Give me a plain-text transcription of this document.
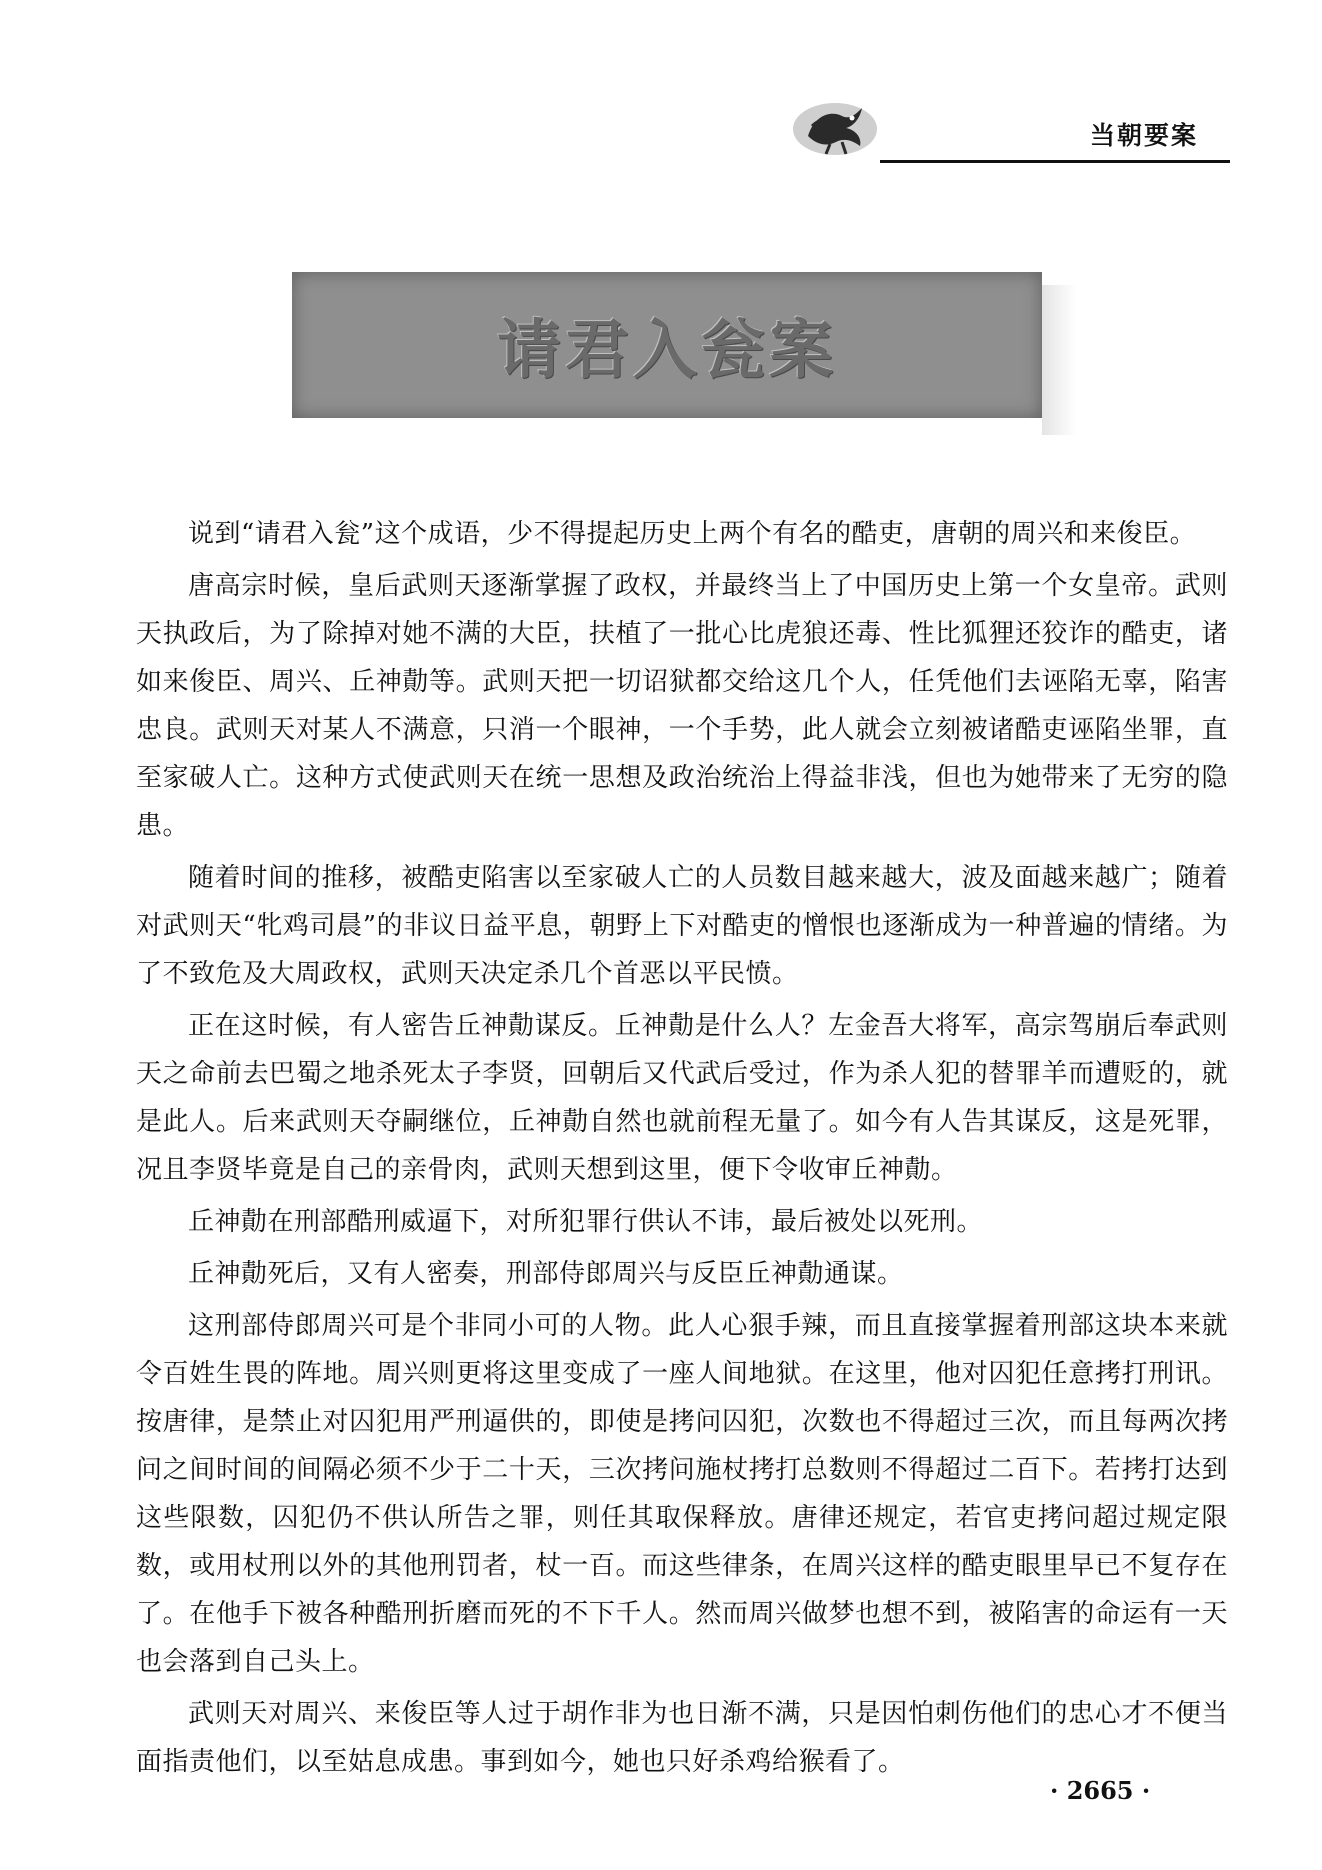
当朝要案
请君入瓮案

说到“请君入瓮”这个成语，少不得提起历史上两个有名的酷吏，唐朝的周兴和来俊臣。

唐高宗时候，皇后武则天逐渐掌握了政权，并最终当上了中国历史上第一个女皇帝。武则天执政后，为了除掉对她不满的大臣，扶植了一批心比虎狼还毒、性比狐狸还狡诈的酷吏，诸如来俊臣、周兴、丘神勣等。武则天把一切诏狱都交给这几个人，任凭他们去诬陷无辜，陷害忠良。武则天对某人不满意，只消一个眼神，一个手势，此人就会立刻被诸酷吏诬陷坐罪，直至家破人亡。这种方式使武则天在统一思想及政治统治上得益非浅，但也为她带来了无穷的隐患。

随着时间的推移，被酷吏陷害以至家破人亡的人员数目越来越大，波及面越来越广；随着对武则天“牝鸡司晨”的非议日益平息，朝野上下对酷吏的憎恨也逐渐成为一种普遍的情绪。为了不致危及大周政权，武则天决定杀几个首恶以平民愤。

正在这时候，有人密告丘神勣谋反。丘神勣是什么人？左金吾大将军，高宗驾崩后奉武则天之命前去巴蜀之地杀死太子李贤，回朝后又代武后受过，作为杀人犯的替罪羊而遭贬的，就是此人。后来武则天夺嗣继位，丘神勣自然也就前程无量了。如今有人告其谋反，这是死罪，况且李贤毕竟是自己的亲骨肉，武则天想到这里，便下令收审丘神勣。

丘神勣在刑部酷刑威逼下，对所犯罪行供认不讳，最后被处以死刑。

丘神勣死后，又有人密奏，刑部侍郎周兴与反臣丘神勣通谋。

这刑部侍郎周兴可是个非同小可的人物。此人心狠手辣，而且直接掌握着刑部这块本来就令百姓生畏的阵地。周兴则更将这里变成了一座人间地狱。在这里，他对囚犯任意拷打刑讯。按唐律，是禁止对囚犯用严刑逼供的，即使是拷问囚犯，次数也不得超过三次，而且每两次拷问之间时间的间隔必须不少于二十天，三次拷问施杖拷打总数则不得超过二百下。若拷打达到这些限数，囚犯仍不供认所告之罪，则任其取保释放。唐律还规定，若官吏拷问超过规定限数，或用杖刑以外的其他刑罚者，杖一百。而这些律条，在周兴这样的酷吏眼里早已不复存在了。在他手下被各种酷刑折磨而死的不下千人。然而周兴做梦也想不到，被陷害的命运有一天也会落到自己头上。

武则天对周兴、来俊臣等人过于胡作非为也日渐不满，只是因怕刺伤他们的忠心才不便当面指责他们，以至姑息成患。事到如今，她也只好杀鸡给猴看了。

· 2665 ·
